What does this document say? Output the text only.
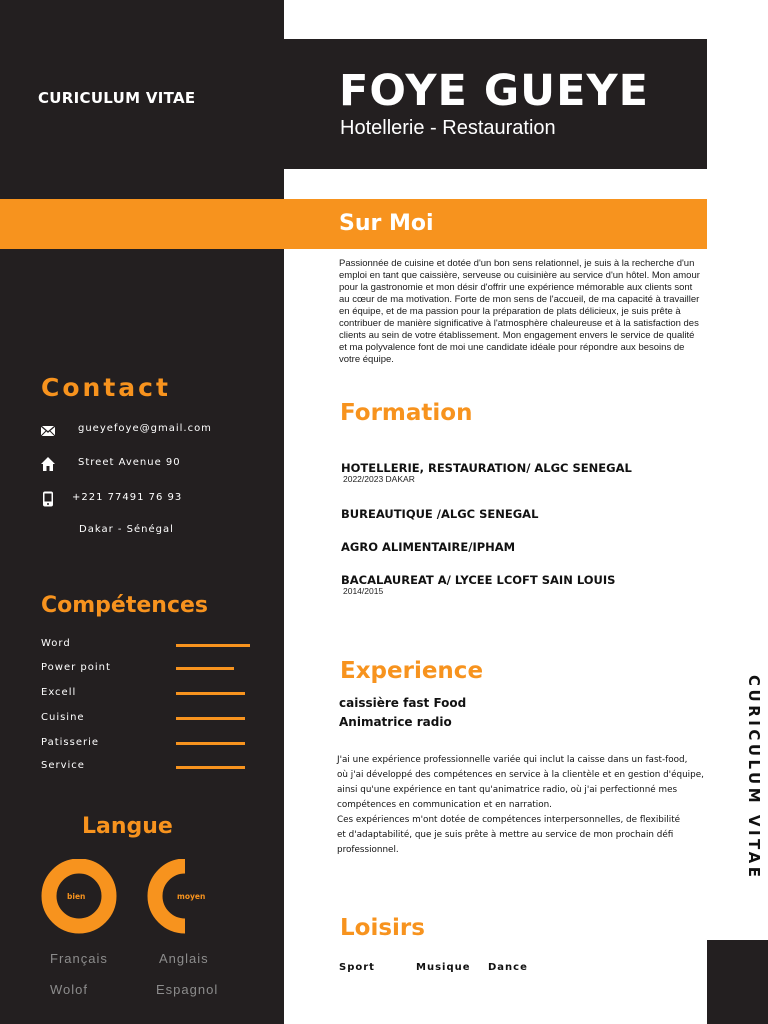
CURICULUM VITAE	FOYE GUEYE
Hotellerie - Restauration
Sur Moi
Passionnée de cuisine et dotée d'un bon sens relationnel, je suis à la recherche d'un
emploi en tant que caissière, serveuse ou cuisinière au service d'un hôtel. Mon amour
pour la gastronomie et mon désir d'offrir une expérience mémorable aux clients sont
au cœur de ma motivation. Forte de mon sens de l'accueil, de ma capacité à travailler
en équipe, et de ma passion pour la préparation de plats délicieux, je suis prête à
contribuer de manière significative à l'atmosphère chaleureuse et à la satisfaction des
clients au sein de votre établissement. Mon engagement envers le service de qualité
et ma polyvalence font de moi une candidate idéale pour répondre aux besoins de
votre équipe.
Contact
gueyefoye@gmail.com
Street Avenue 90
+221 77491 76 93
Dakar - Sénégal
Compétences
Word
Power point
Excell
Cuisine
Patisserie
Service
Langue
bien	moyen
Français	Anglais
Wolof	Espagnol
Formation
HOTELLERIE, RESTAURATION/ ALGC SENEGAL
2022/2023 DAKAR
BUREAUTIQUE /ALGC SENEGAL
AGRO ALIMENTAIRE/IPHAM
BACALAUREAT A/ LYCEE LCOFT SAIN LOUIS
2014/2015
Experience
caissière fast Food
Animatrice radio
J'ai une expérience professionnelle variée qui inclut la caisse dans un fast-food,
où j'ai développé des compétences en service à la clientèle et en gestion d'équipe,
ainsi qu'une expérience en tant qu'animatrice radio, où j'ai perfectionné mes
compétences en communication et en narration.
Ces expériences m'ont dotée de compétences interpersonnelles, de flexibilité
et d'adaptabilité, que je suis prête à mettre au service de mon prochain défi
professionnel.
Loisirs
Sport	Musique Dance
CURICULUM VITAE
